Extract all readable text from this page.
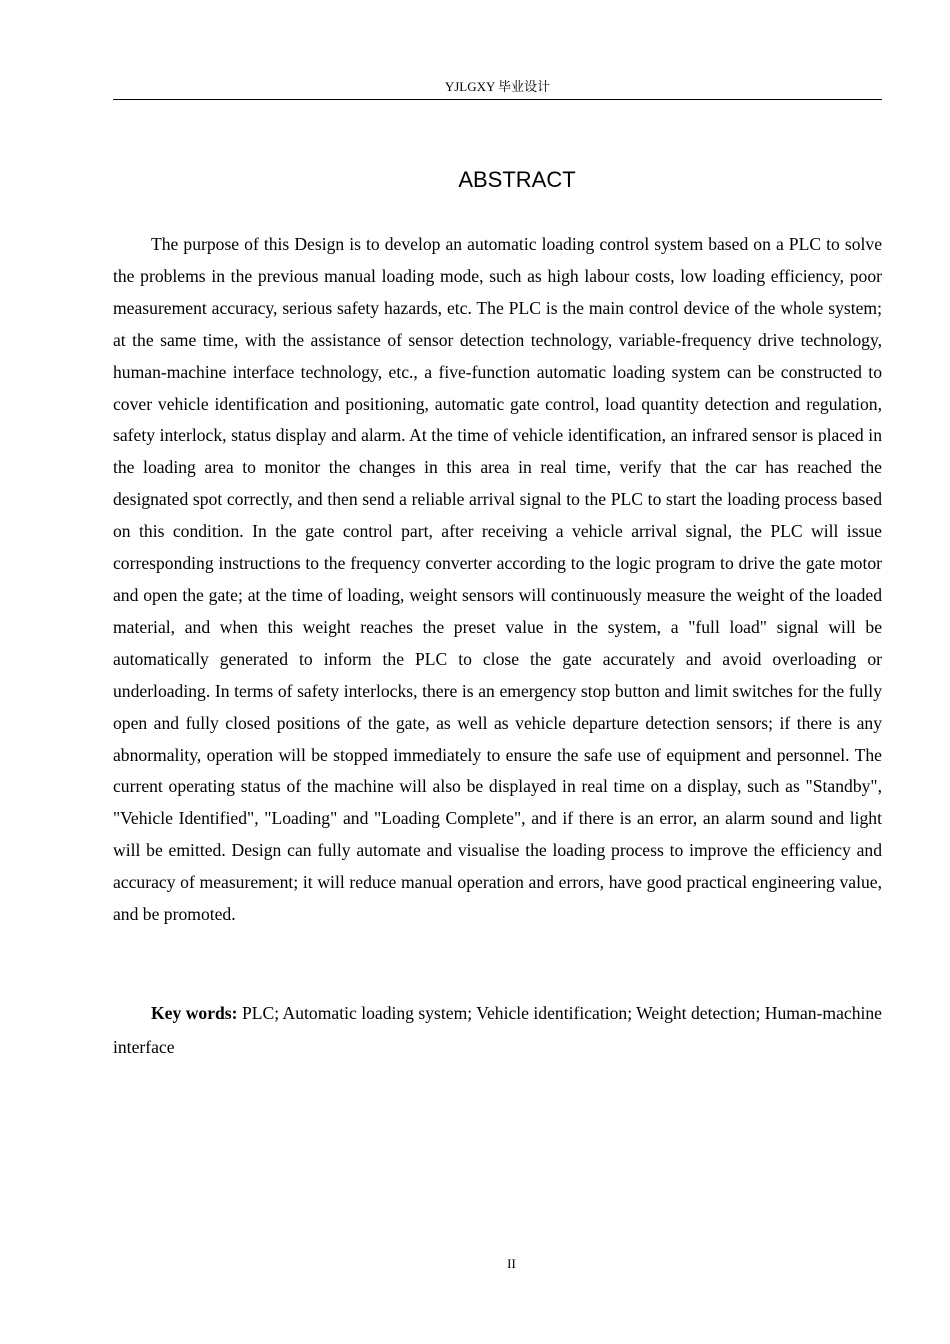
YJLGXY 毕业设计
ABSTRACT

The purpose of this Design is to develop an automatic loading control system based on a PLC to solve the problems in the previous manual loading mode, such as high labour costs, low loading efficiency, poor measurement accuracy, serious safety hazards, etc. The PLC is the main control device of the whole system; at the same time, with the assistance of sensor detection technology, variable-frequency drive technology, human-machine interface technology, etc., a five-function automatic loading system can be constructed to cover vehicle identification and positioning, automatic gate control, load quantity detection and regulation, safety interlock, status display and alarm. At the time of vehicle identification, an infrared sensor is placed in the loading area to monitor the changes in this area in real time, verify that the car has reached the designated spot correctly, and then send a reliable arrival signal to the PLC to start the loading process based on this condition. In the gate control part, after receiving a vehicle arrival signal, the PLC will issue corresponding instructions to the frequency converter according to the logic program to drive the gate motor and open the gate; at the time of loading, weight sensors will continuously measure the weight of the loaded material, and when this weight reaches the preset value in the system, a "full load" signal will be automatically generated to inform the PLC to close the gate accurately and avoid overloading or underloading. In terms of safety interlocks, there is an emergency stop button and limit switches for the fully open and fully closed positions of the gate, as well as vehicle departure detection sensors; if there is any abnormality, operation will be stopped immediately to ensure the safe use of equipment and personnel. The current operating status of the machine will also be displayed in real time on a display, such as "Standby", "Vehicle Identified", "Loading" and "Loading Complete", and if there is an error, an alarm sound and light will be emitted. Design can fully automate and visualise the loading process to improve the efficiency and accuracy of measurement; it will reduce manual operation and errors, have good practical engineering value, and be promoted.

Key words: PLC; Automatic loading system; Vehicle identification; Weight detection; Human-machine interface

II
